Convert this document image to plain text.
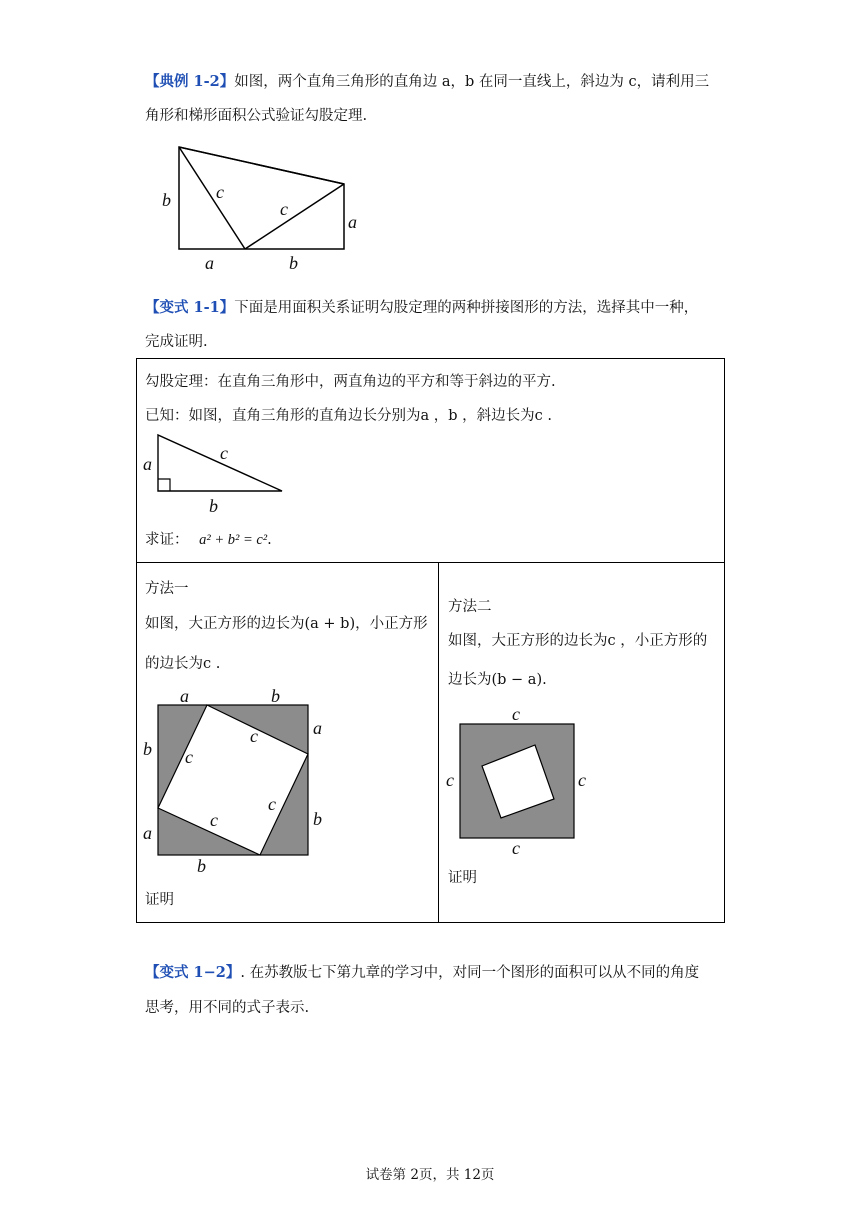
【典例 1-2】如图，两个直角三角形的直角边 a，b 在同一直线上，斜边为 c，请利用三
角形和梯形面积公式验证勾股定理.
b	c
c
a
a	b
【变式 1-1】下面是用面积关系证明勾股定理的两种拼接图形的方法，选择其中一种，
完成证明.
勾股定理：在直角三角形中，两直角边的平方和等于斜边的平方.
已知：如图，直角三角形的直角边长分别为a ，b ，斜边长为c .
a
c
b
求证： a² + b² = c².
方法一
如图，大正方形的边长为(a + b)，小正方形
的边长为c .
a	b
a
b c
c
c
a
b
c
b
证明
方法二
如图，大正方形的边长为c ，小正方形的
边长为(b − a).
c
c	c
c
证明
【变式 1−2】. 在苏教版七下第九章的学习中，对同一个图形的面积可以从不同的角度
思考，用不同的式子表示.
试卷第 2页，共 12页
